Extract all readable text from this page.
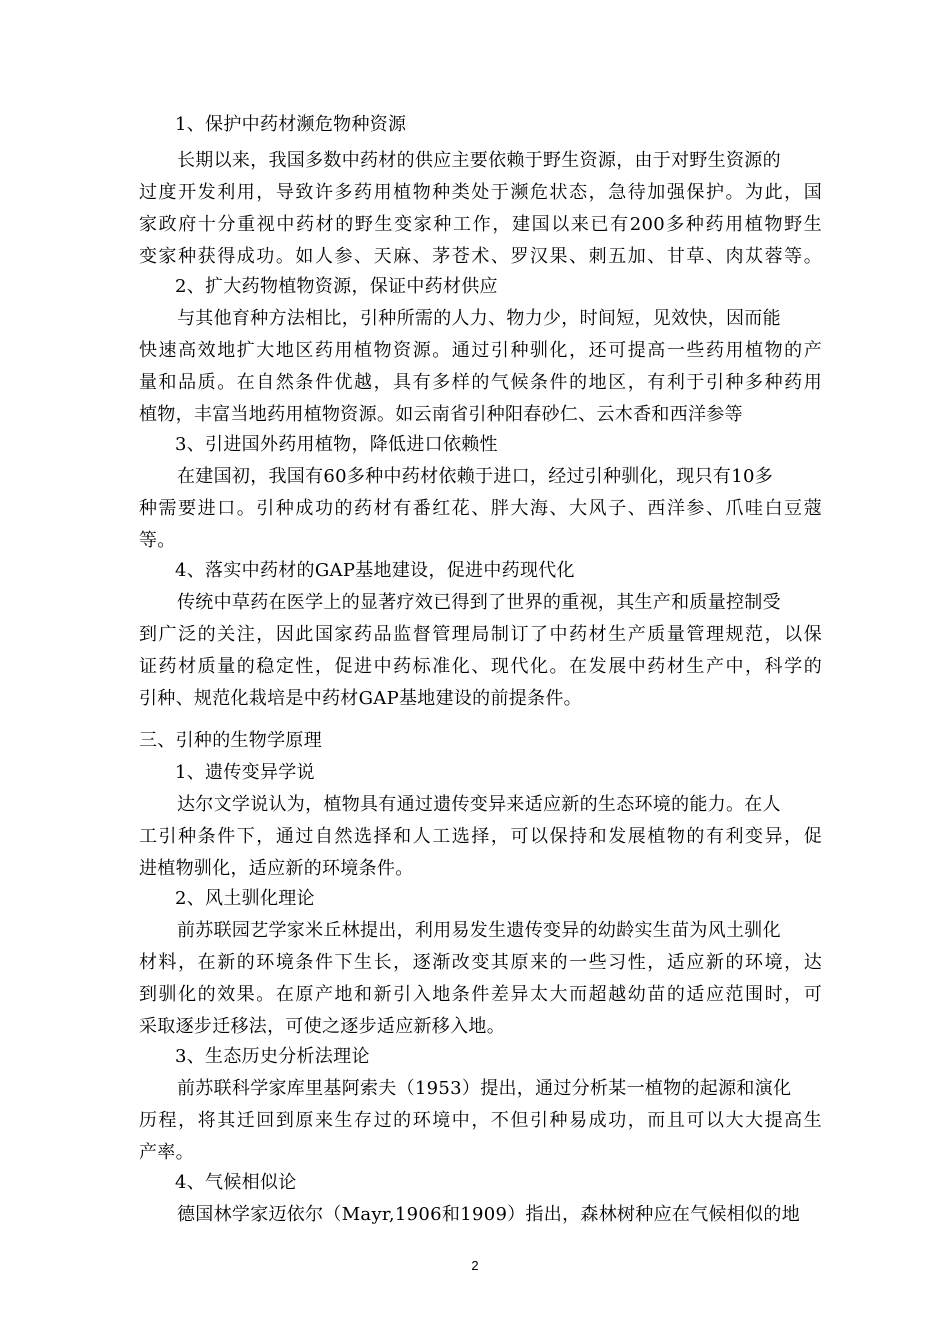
1、保护中药材濒危物种资源
长期以来，我国多数中药材的供应主要依赖于野生资源，由于对野生资源的
过度开发利用，导致许多药用植物种类处于濒危状态，急待加强保护。为此，国
家政府十分重视中药材的野生变家种工作，建国以来已有200多种药用植物野生
变家种获得成功。如人参、天麻、茅苍术、罗汉果、刺五加、甘草、肉苁蓉等。
2、扩大药物植物资源，保证中药材供应
与其他育种方法相比，引种所需的人力、物力少，时间短，见效快，因而能
快速高效地扩大地区药用植物资源。通过引种驯化，还可提高一些药用植物的产
量和品质。在自然条件优越，具有多样的气候条件的地区，有利于引种多种药用
植物，丰富当地药用植物资源。如云南省引种阳春砂仁、云木香和西洋参等
3、引进国外药用植物，降低进口依赖性
在建国初，我国有60多种中药材依赖于进口，经过引种驯化，现只有10多
种需要进口。引种成功的药材有番红花、胖大海、大风子、西洋参、爪哇白豆蔻
等。
4、落实中药材的GAP基地建设，促进中药现代化
传统中草药在医学上的显著疗效已得到了世界的重视，其生产和质量控制受
到广泛的关注，因此国家药品监督管理局制订了中药材生产质量管理规范，以保
证药材质量的稳定性，促进中药标准化、现代化。在发展中药材生产中，科学的
引种、规范化栽培是中药材GAP基地建设的前提条件。
三、引种的生物学原理
1、遗传变异学说
达尔文学说认为，植物具有通过遗传变异来适应新的生态环境的能力。在人
工引种条件下，通过自然选择和人工选择，可以保持和发展植物的有利变异，促
进植物驯化，适应新的环境条件。
2、风土驯化理论
前苏联园艺学家米丘林提出，利用易发生遗传变异的幼龄实生苗为风土驯化
材料，在新的环境条件下生长，逐渐改变其原来的一些习性，适应新的环境，达
到驯化的效果。在原产地和新引入地条件差异太大而超越幼苗的适应范围时，可
采取逐步迁移法，可使之逐步适应新移入地。
3、生态历史分析法理论
前苏联科学家库里基阿索夫（1953）提出，通过分析某一植物的起源和演化
历程，将其迁回到原来生存过的环境中，不但引种易成功，而且可以大大提高生
产率。
4、气候相似论
德国林学家迈依尔（Mayr,1906和1909）指出，森林树种应在气候相似的地
2
